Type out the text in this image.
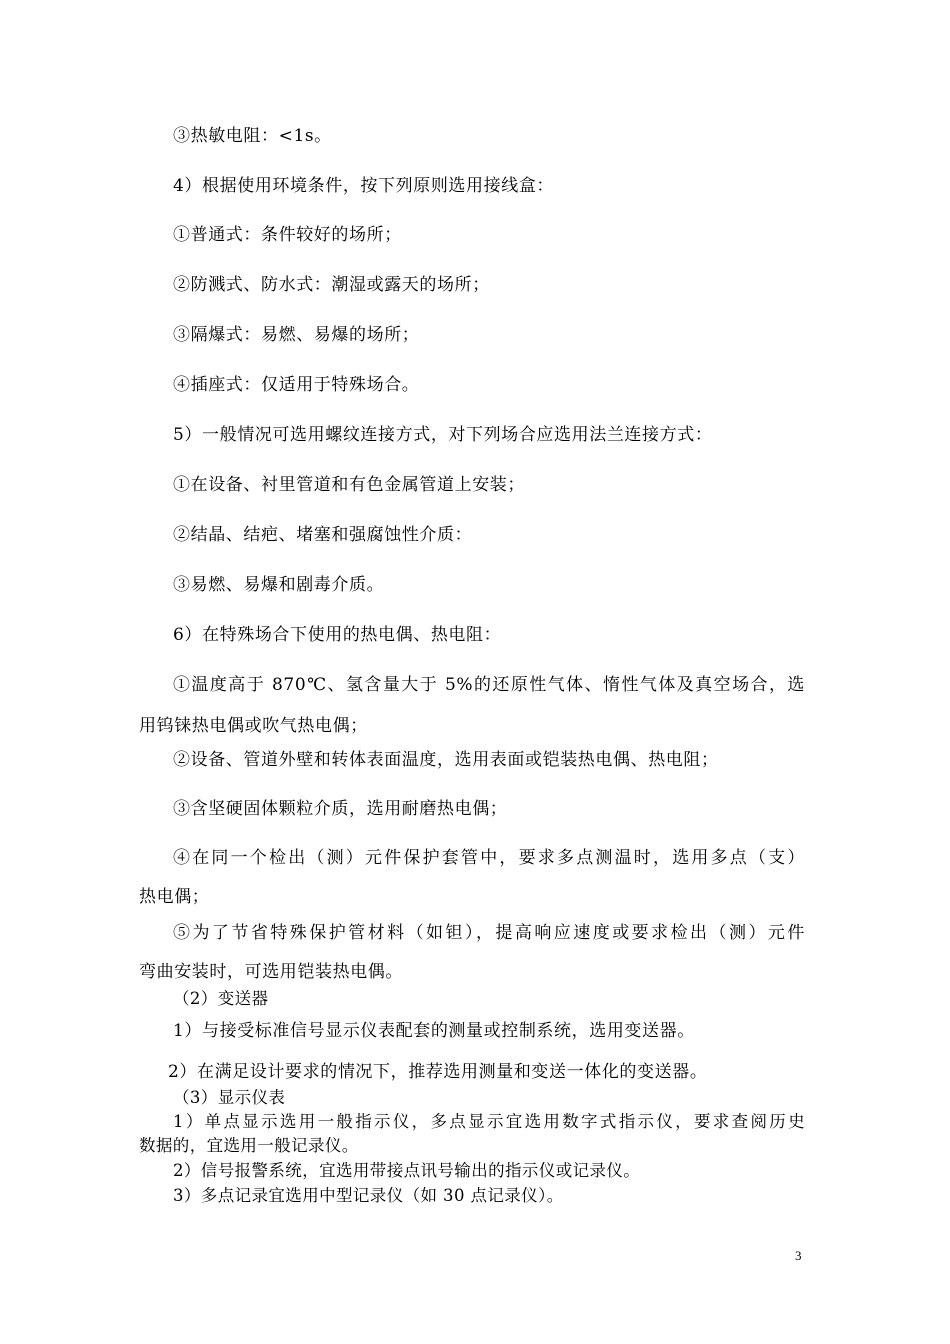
③热敏电阻：<1s。
4）根据使用环境条件，按下列原则选用接线盒：
①普通式：条件较好的场所；
②防溅式、防水式：潮湿或露天的场所；
③隔爆式：易燃、易爆的场所；
④插座式：仅适用于特殊场合。
5）一般情况可选用螺纹连接方式，对下列场合应选用法兰连接方式：
①在设备、衬里管道和有色金属管道上安装；
②结晶、结疤、堵塞和强腐蚀性介质：
③易燃、易爆和剧毒介质。
6）在特殊场合下使用的热电偶、热电阻：
①温度高于 870℃、氢含量大于 5%的还原性气体、惰性气体及真空场合，选
用钨铼热电偶或吹气热电偶；
②设备、管道外壁和转体表面温度，选用表面或铠装热电偶、热电阻；
③含坚硬固体颗粒介质，选用耐磨热电偶；
④在同一个检出（测）元件保护套管中，要求多点测温时，选用多点（支）
热电偶；
⑤为了节省特殊保护管材料（如钽），提高响应速度或要求检出（测）元件
弯曲安装时，可选用铠装热电偶。
（2）变送器
1）与接受标准信号显示仪表配套的测量或控制系统，选用变送器。
2）在满足设计要求的情况下，推荐选用测量和变送一体化的变送器。
（3）显示仪表
1）单点显示选用一般指示仪，多点显示宜选用数字式指示仪，要求查阅历史
数据的，宜选用一般记录仪。
2）信号报警系统，宜选用带接点讯号输出的指示仪或记录仪。
3）多点记录宜选用中型记录仪（如 30 点记录仪）。
3
